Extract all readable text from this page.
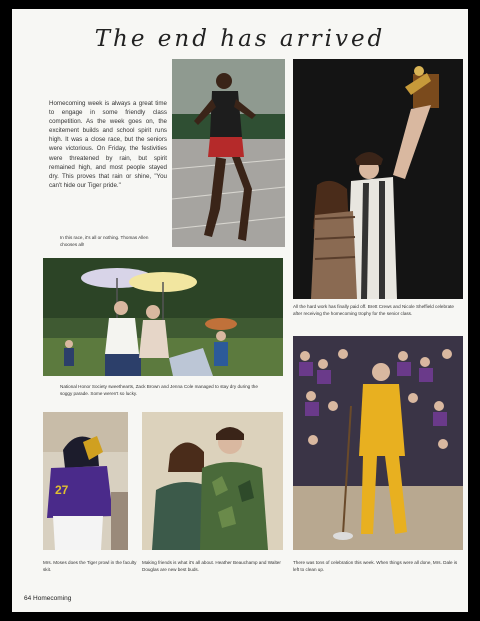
The end has arrived
Homecoming week is always a great time to engage in some friendly class competition. As the week goes on, the excitement builds and school spirit runs high. It was a close race, but the seniors were victorious. On Friday, the festivities were threatened by rain, but spirit remained high, and most people stayed dry. This proves that rain or shine, "You can't hide our Tiger pride."
In this race, it's all or nothing. Thomas Allen chooses all!
All the hard work has finally paid off. Brett Crews and Nicole Sheffield celebrate after receiving the homecoming trophy for the senior class.
National Honor Society sweethearts, Zack Brown and Jenna Cole managed to stay dry during the soggy parade. Some weren't so lucky.
27
Mrs. Moses does the Tiger prowl in the faculty skit.
Making friends is what it's all about. Heather Beauchamp and Walter Douglas are new best buds.
There was tons of celebration this week. When things were all done, Mrs. Dale is left to clean up.
64 Homecoming
